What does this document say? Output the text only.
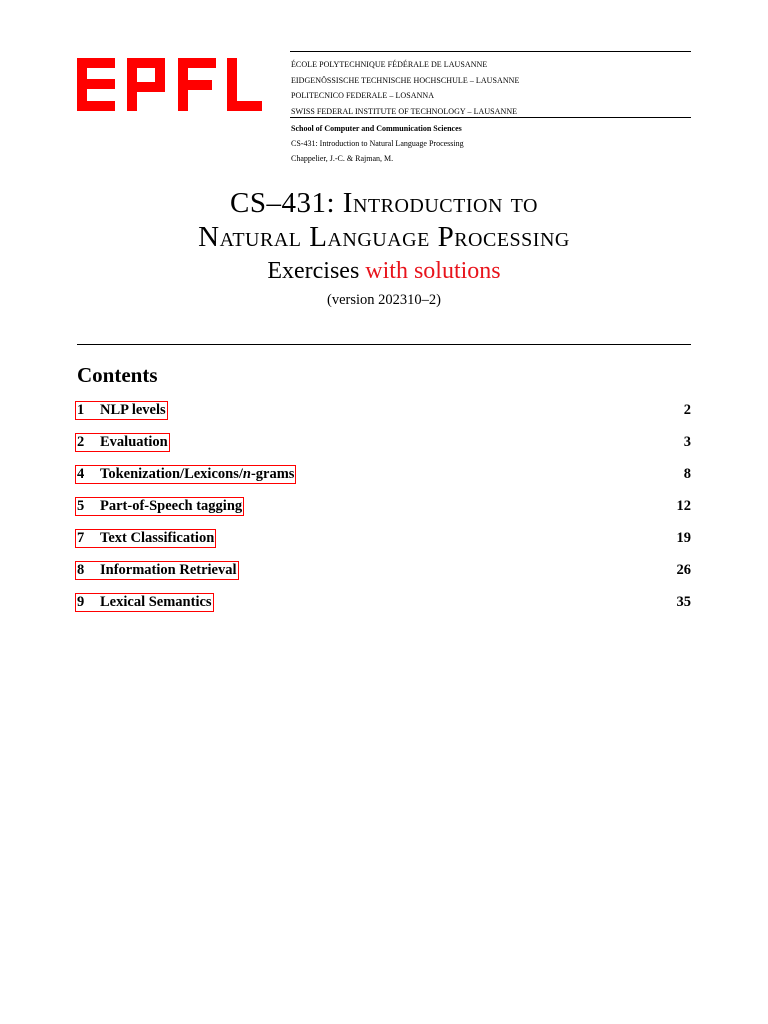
ÉCOLE POLYTECHNIQUE FÉDÉRALE DE LAUSANNE
EIDGENÖSSISCHE TECHNISCHE HOCHSCHULE – LAUSANNE
POLITECNICO FEDERALE – LOSANNA
SWISS FEDERAL INSTITUTE OF TECHNOLOGY – LAUSANNE
School of Computer and Communication Sciences
CS-431: Introduction to Natural Language Processing
Chappelier, J.-C. & Rajman, M.
CS–431: Introduction to
Natural Language Processing
Exercises with solutions
(version 202310–2)
Contents
1 NLP levels	2
2 Evaluation	3
4 Tokenization/Lexicons/n-grams	8
5 Part-of-Speech tagging	12
7 Text Classification	19
8 Information Retrieval	26
9 Lexical Semantics	35
